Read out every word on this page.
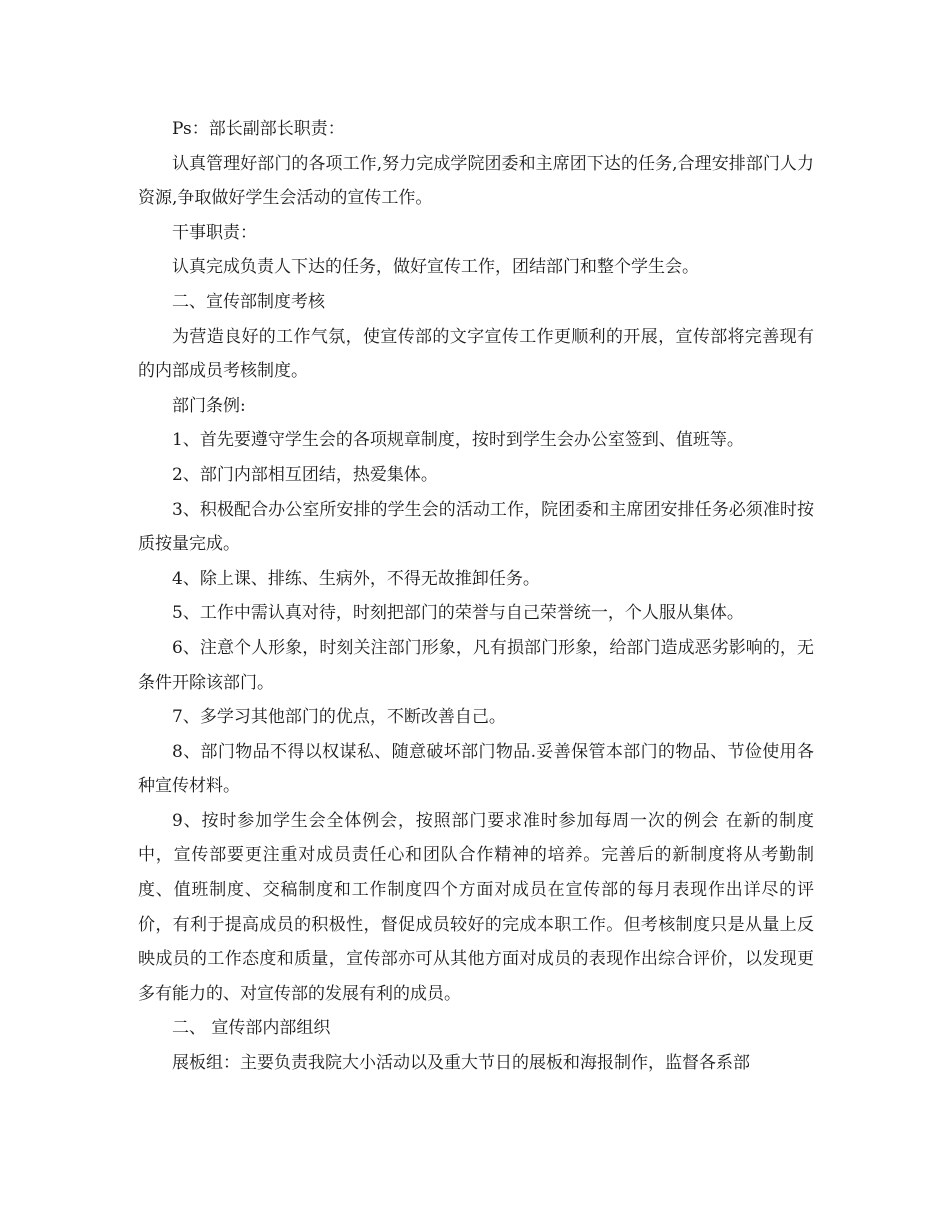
Ps：部长副部长职责：

认真管理好部门的各项工作,努力完成学院团委和主席团下达的任务,合理安排部门人力资源,争取做好学生会活动的宣传工作。

干事职责：

认真完成负责人下达的任务，做好宣传工作，团结部门和整个学生会。

二、宣传部制度考核

为营造良好的工作气氛，使宣传部的文字宣传工作更顺利的开展，宣传部将完善现有的内部成员考核制度。

部门条例:

1、首先要遵守学生会的各项规章制度，按时到学生会办公室签到、值班等。

2、部门内部相互团结，热爱集体。

3、积极配合办公室所安排的学生会的活动工作，院团委和主席团安排任务必须准时按质按量完成。

4、除上课、排练、生病外，不得无故推卸任务。

5、工作中需认真对待，时刻把部门的荣誉与自己荣誉统一，个人服从集体。

6、注意个人形象，时刻关注部门形象，凡有损部门形象，给部门造成恶劣影响的，无条件开除该部门。

7、多学习其他部门的优点，不断改善自己。

8、部门物品不得以权谋私、随意破坏部门物品.妥善保管本部门的物品、节俭使用各种宣传材料。

9、按时参加学生会全体例会，按照部门要求准时参加每周一次的例会 在新的制度中，宣传部要更注重对成员责任心和团队合作精神的培养。完善后的新制度将从考勤制度、值班制度、交稿制度和工作制度四个方面对成员在宣传部的每月表现作出详尽的评价，有利于提高成员的积极性，督促成员较好的完成本职工作。但考核制度只是从量上反映成员的工作态度和质量，宣传部亦可从其他方面对成员的表现作出综合评价，以发现更多有能力的、对宣传部的发展有利的成员。

二、 宣传部内部组织

展板组：主要负责我院大小活动以及重大节日的展板和海报制作，监督各系部
